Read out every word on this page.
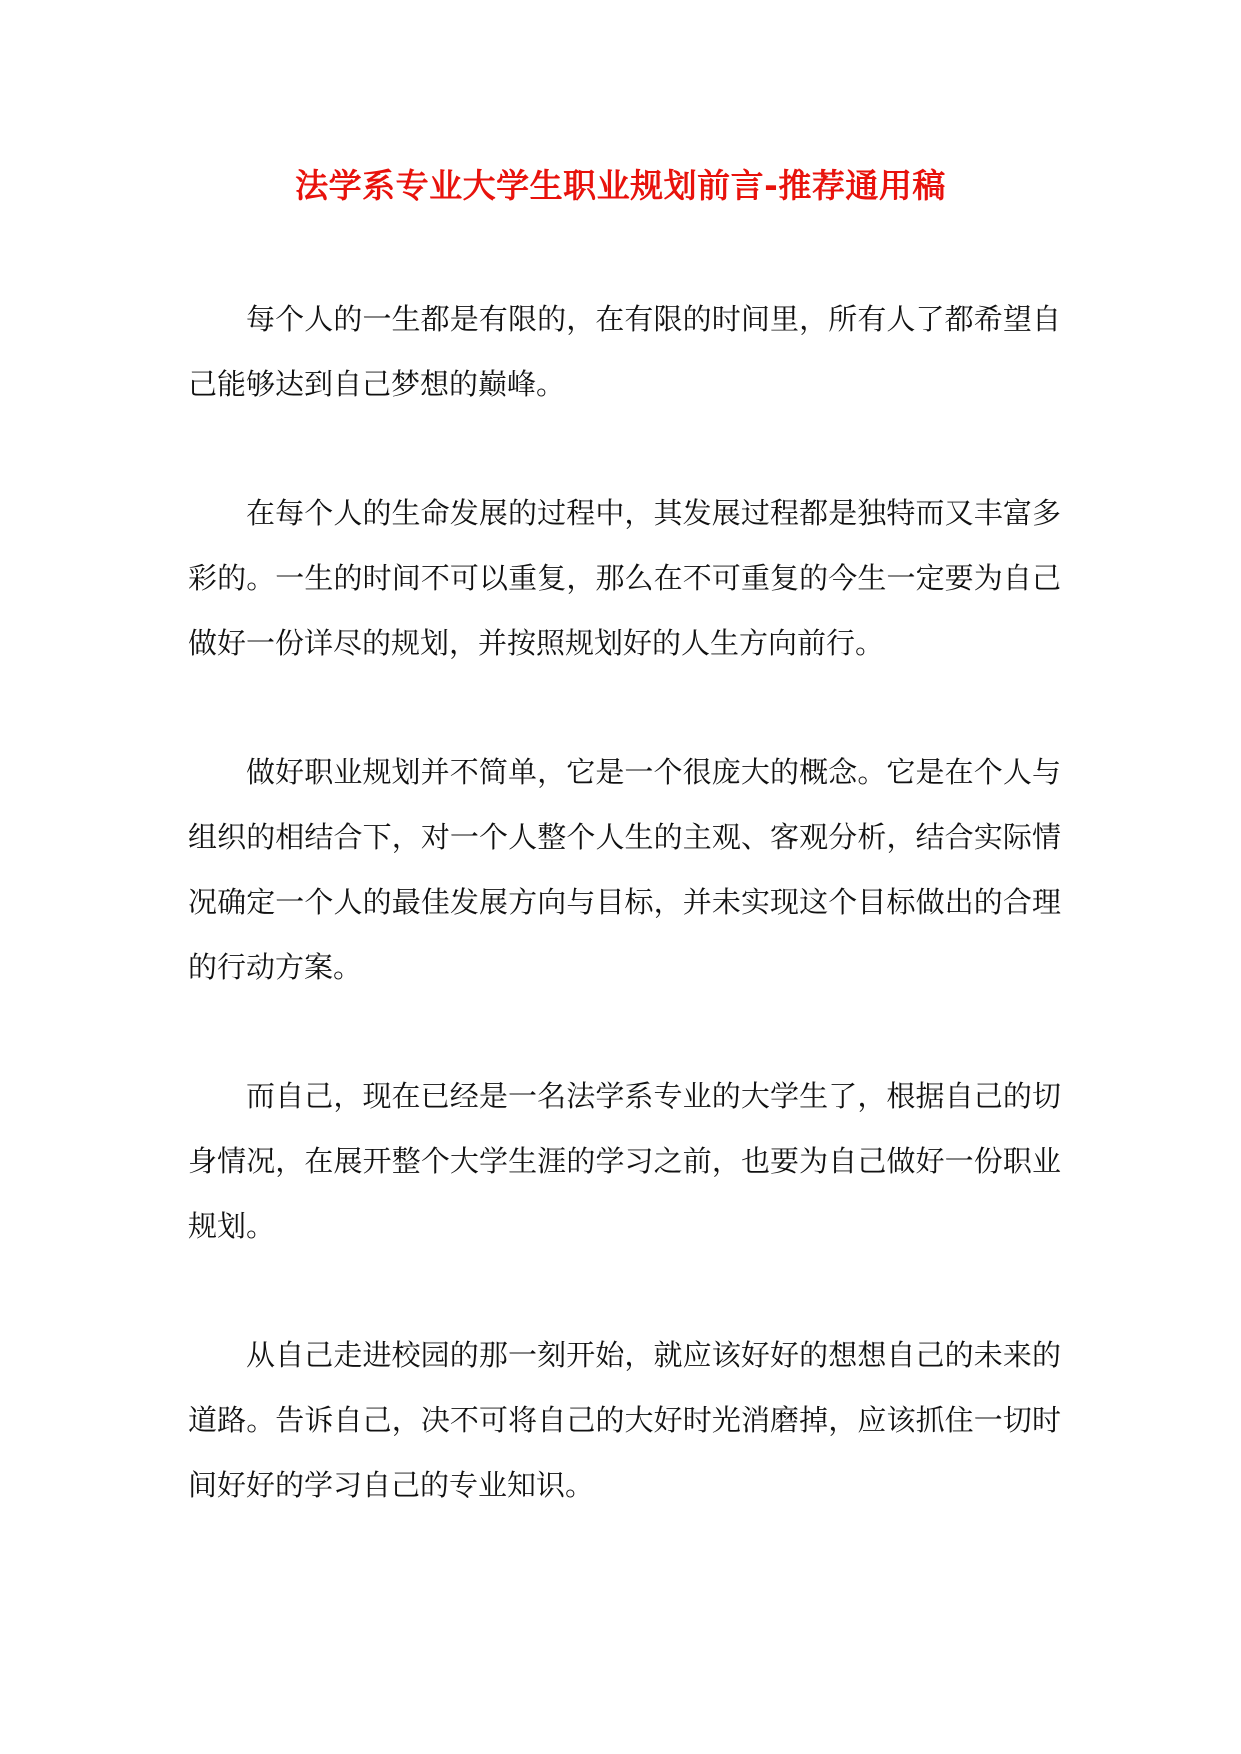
法学系专业大学生职业规划前言-推荐通用稿

每个人的一生都是有限的，在有限的时间里，所有人了都希望自己能够达到自己梦想的巅峰。

在每个人的生命发展的过程中，其发展过程都是独特而又丰富多彩的。一生的时间不可以重复，那么在不可重复的今生一定要为自己做好一份详尽的规划，并按照规划好的人生方向前行。

做好职业规划并不简单，它是一个很庞大的概念。它是在个人与组织的相结合下，对一个人整个人生的主观、客观分析，结合实际情况确定一个人的最佳发展方向与目标，并未实现这个目标做出的合理的行动方案。

而自己，现在已经是一名法学系专业的大学生了，根据自己的切身情况，在展开整个大学生涯的学习之前，也要为自己做好一份职业规划。

从自己走进校园的那一刻开始，就应该好好的想想自己的未来的道路。告诉自己，决不可将自己的大好时光消磨掉，应该抓住一切时间好好的学习自己的专业知识。
